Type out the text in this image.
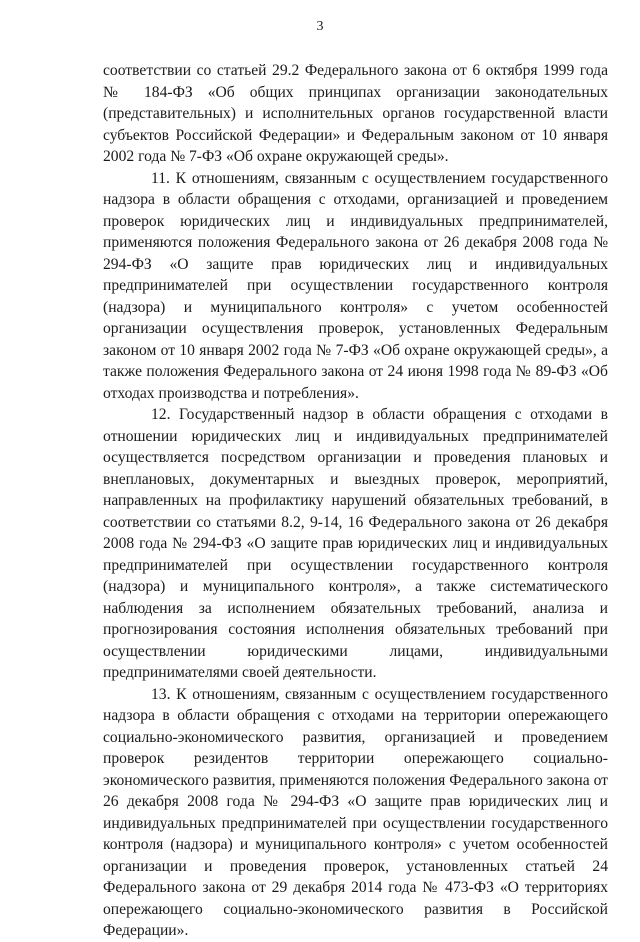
3

соответствии со статьей 29.2 Федерального закона от 6 октября 1999 года № 184-ФЗ «Об общих принципах организации законодательных (представительных) и исполнительных органов государственной власти субъектов Российской Федерации» и Федеральным законом от 10 января 2002 года № 7-ФЗ «Об охране окружающей среды».

11. К отношениям, связанным с осуществлением государственного надзора в области обращения с отходами, организацией и проведением проверок юридических лиц и индивидуальных предпринимателей, применяются положения Федерального закона от 26 декабря 2008 года № 294-ФЗ «О защите прав юридических лиц и индивидуальных предпринимателей при осуществлении государственного контроля (надзора) и муниципального контроля» с учетом особенностей организации осуществления проверок, установленных Федеральным законом от 10 января 2002 года № 7-ФЗ «Об охране окружающей среды», а также положения Федерального закона от 24 июня 1998 года № 89-ФЗ «Об отходах производства и потребления».

12. Государственный надзор в области обращения с отходами в отношении юридических лиц и индивидуальных предпринимателей осуществляется посредством организации и проведения плановых и внеплановых, документарных и выездных проверок, мероприятий, направленных на профилактику нарушений обязательных требований, в соответствии со статьями 8.2, 9-14, 16 Федерального закона от 26 декабря 2008 года № 294-ФЗ «О защите прав юридических лиц и индивидуальных предпринимателей при осуществлении государственного контроля (надзора) и муниципального контроля», а также систематического наблюдения за исполнением обязательных требований, анализа и прогнозирования состояния исполнения обязательных требований при осуществлении юридическими лицами, индивидуальными предпринимателями своей деятельности.

13. К отношениям, связанным с осуществлением государственного надзора в области обращения с отходами на территории опережающего социально-экономического развития, организацией и проведением проверок резидентов территории опережающего социально-экономического развития, применяются положения Федерального закона от 26 декабря 2008 года № 294-ФЗ «О защите прав юридических лиц и индивидуальных предпринимателей при осуществлении государственного контроля (надзора) и муниципального контроля» с учетом особенностей организации и проведения проверок, установленных статьей 24 Федерального закона от 29 декабря 2014 года № 473-ФЗ «О территориях опережающего социально-экономического развития в Российской Федерации».
